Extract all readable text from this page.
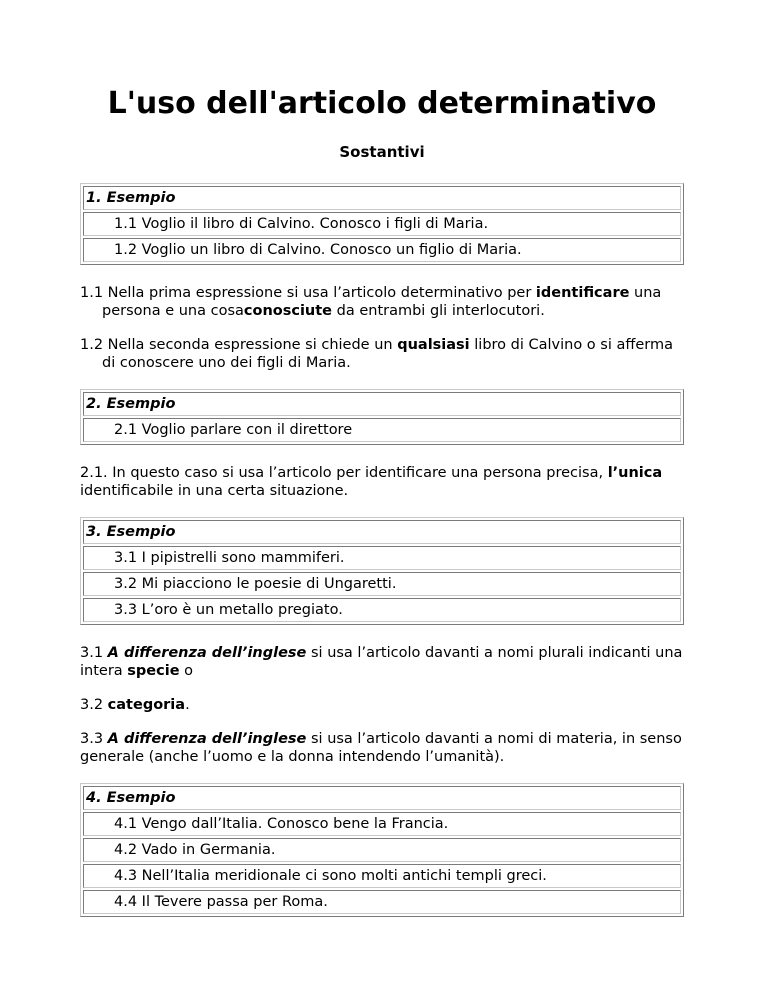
L'uso dell'articolo determinativo
Sostantivi
1. Esempio
1.1 Voglio il libro di Calvino. Conosco i figli di Maria.
1.2 Voglio un libro di Calvino. Conosco un figlio di Maria.

1.1 Nella prima espressione si usa l’articolo determinativo per identificare una persona e una cosaconosciute da entrambi gli interlocutori.

1.2 Nella seconda espressione si chiede un qualsiasi libro di Calvino o si afferma di conoscere uno dei figli di Maria.

2. Esempio
2.1 Voglio parlare con il direttore

2.1. In questo caso si usa l’articolo per identificare una persona precisa, l’unica identificabile in una certa situazione.

3. Esempio
3.1 I pipistrelli sono mammiferi.
3.2 Mi piacciono le poesie di Ungaretti.
3.3 L’oro è un metallo pregiato.

3.1 A differenza dell’inglese si usa l’articolo davanti a nomi plurali indicanti una intera specie o

3.2 categoria.

3.3 A differenza dell’inglese si usa l’articolo davanti a nomi di materia, in senso generale (anche l’uomo e la donna intendendo l’umanità).

4. Esempio
4.1 Vengo dall’Italia. Conosco bene la Francia.
4.2 Vado in Germania.
4.3 Nell’Italia meridionale ci sono molti antichi templi greci.
4.4 Il Tevere passa per Roma.
